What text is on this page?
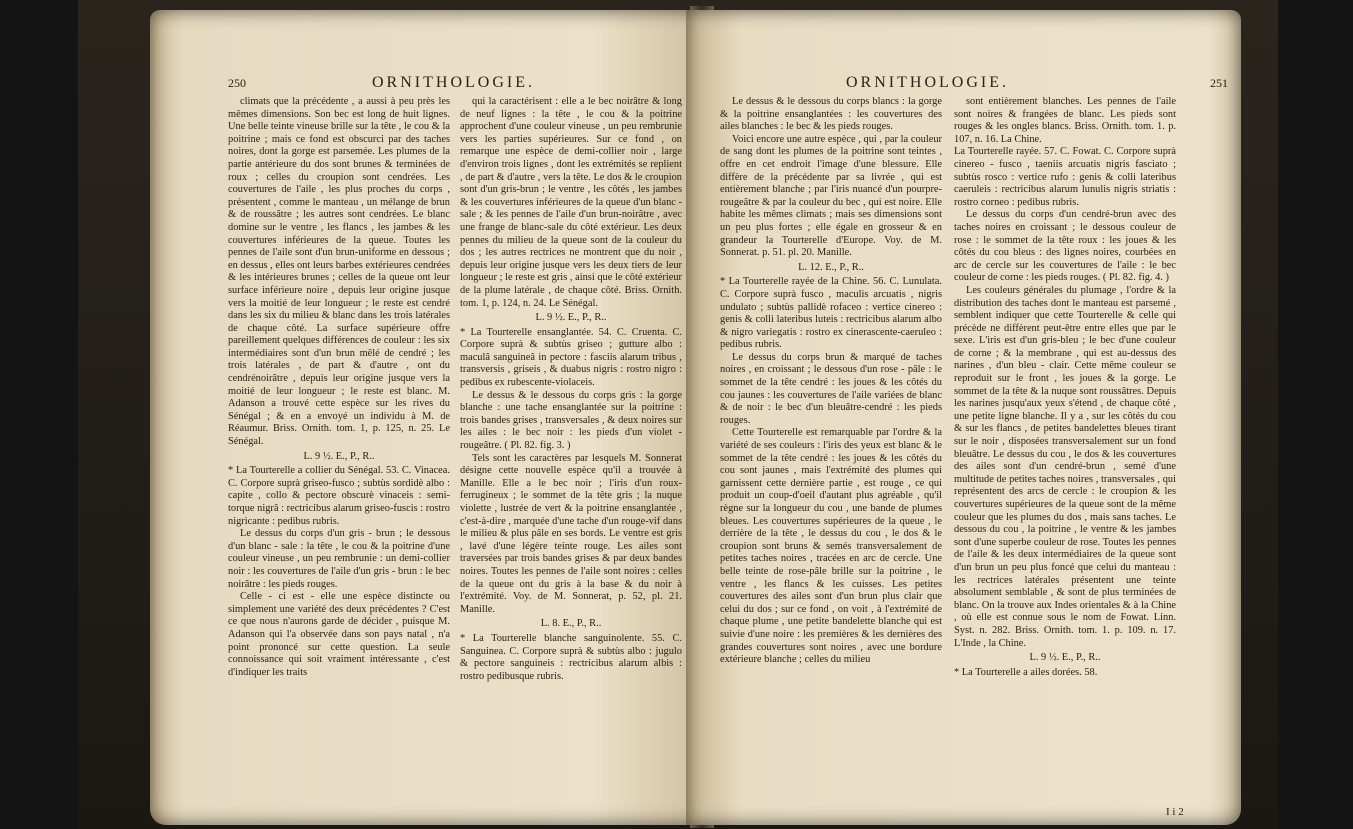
250	ORNITHOLOGIE.

climats que la précédente , a aussi à peu près les mêmes dimensions. Son bec est long de huit lignes. Une belle teinte vineuse brille sur la tête , le cou & la poitrine ; mais ce fond est obscurci par des taches noires, dont la gorge est parsemée. Les plumes de la partie antérieure du dos sont brunes & terminées de roux ; celles du croupion sont cendrées. Les couvertures de l'aile , les plus proches du corps , présentent , comme le manteau , un mélange de brun & de roussâtre ; les autres sont cendrées. Le blanc domine sur le ventre , les flancs , les jambes & les couvertures inférieures de la queue. Toutes les pennes de l'aile sont d'un brun-uniforme en dessous ; en dessus , elles ont leurs barbes extérieures cendrées & les intérieures brunes ; celles de la queue ont leur surface inférieure noire , depuis leur origine jusque vers la moitié de leur longueur ; le reste est cendré dans les six du milieu & blanc dans les trois latérales de chaque côté. La surface supérieure offre pareillement quelques différences de couleur : les six intermédiaires sont d'un brun mêlé de cendré ; les trois latérales , de part & d'autre , ont du cendrénoirâtre , depuis leur origine jusque vers la moitié de leur longueur ; le reste est blanc. M. Adanson a trouvé cette espèce sur les rives du Sénégal ; & en a envoyé un individu à M. de Réaumur. Briss. Ornith. tom. 1, p. 125, n. 25. Le Sénégal.

L. 9 ½. E., P., R..

* La Tourterelle a collier du Sénégal. 53. C. Vinacea. C. Corpore suprà griseo-fusco ; subtùs sordidè albo : capite , collo & pectore obscurè vinaceis : semi-torque nigrâ : rectricibus alarum griseo-fuscis : rostro nigricante : pedibus rubris.

Le dessus du corps d'un gris - brun ; le dessous d'un blanc - sale : la tête , le cou & la poitrine d'une couleur vineuse , un peu rembrunie : un demi-collier noir : les couvertures de l'aile d'un gris - brun : le bec noirâtre : les pieds rouges.

Celle - ci est - elle une espèce distincte ou simplement une variété des deux précédentes ? C'est ce que nous n'aurons garde de décider , puisque M. Adanson qui l'a observée dans son pays natal , n'a point prononcé sur cette question. La seule connoissance qui soit vraiment intéressante , c'est d'indiquer les traits

qui la caractérisent : elle a le bec noirâtre & long de neuf lignes : la tête , le cou & la poitrine approchent d'une couleur vineuse , un peu rembrunie vers les parties supérieures. Sur ce fond , on remarque une espèce de demi-collier noir , large d'environ trois lignes , dont les extrémités se replient , de part & d'autre , vers la tête. Le dos & le croupion sont d'un gris-brun ; le ventre , les côtés , les jambes & les couvertures inférieures de la queue d'un blanc - sale ; & les pennes de l'aile d'un brun-noirâtre , avec une frange de blanc-sale du côté extérieur. Les deux pennes du milieu de la queue sont de la couleur du dos ; les autres rectrices ne montrent que du noir , depuis leur origine jusque vers les deux tiers de leur longueur ; le reste est gris , ainsi que le côté extérieur de la plume latérale , de chaque côté. Briss. Ornith. tom. 1, p. 124, n. 24. Le Sénégal.

L. 9 ½. E., P., R..

* La Tourterelle ensanglantée. 54. C. Cruenta. C. Corpore suprà & subtùs griseo ; gutture albo : maculâ sanguineâ in pectore : fasciis alarum tribus , transversis , griseis , & duabus nigris : rostro nigro : pedibus ex rubescente-violaceis.

Le dessus & le dessous du corps gris : la gorge blanche : une tache ensanglantée sur la poitrine : trois bandes grises , transversales , & deux noires sur les ailes : le bec noir : les pieds d'un violet - rougeâtre. ( Pl. 82. fig. 3. )

Tels sont les caractères par lesquels M. Sonnerat désigne cette nouvelle espèce qu'il a trouvée à Manille. Elle a le bec noir ; l'iris d'un roux-ferrugineux ; le sommet de la tête gris ; la nuque violette , lustrée de vert & la poitrine ensanglantée , c'est-à-dire , marquée d'une tache d'un rouge-vif dans le milieu & plus pâle en ses bords. Le ventre est gris , lavé d'une légère teinte rouge. Les ailes sont traversées par trois bandes grises & par deux bandes noires. Toutes les pennes de l'aile sont noires : celles de la queue ont du gris à la base & du noir à l'extrémité. Voy. de M. Sonnerat, p. 52, pl. 21. Manille.

L. 8. E., P., R..

* La Tourterelle blanche sanguinolente. 55. C. Sanguinea. C. Corpore suprà & subtùs albo : jugulo & pectore sanguineis : rectricibus alarum albis : rostro pedibusque rubris.

ORNITHOLOGIE.	251

Le dessus & le dessous du corps blancs : la gorge & la poitrine ensanglantées : les couvertures des ailes blanches : le bec & les pieds rouges.

Voici encore une autre espèce , qui , par la couleur de sang dont les plumes de la poitrine sont teintes , offre en cet endroit l'image d'une blessure. Elle diffère de la précédente par sa livrée , qui est entièrement blanche ; par l'iris nuancé d'un pourpre-rougeâtre & par la couleur du bec , qui est noire. Elle habite les mêmes climats ; mais ses dimensions sont un peu plus fortes ; elle égale en grosseur & en grandeur la Tourterelle d'Europe. Voy. de M. Sonnerat. p. 51. pl. 20. Manille.

L. 12. E., P., R..

* La Tourterelle rayée de la Chine. 56. C. Lunulata. C. Corpore suprà fusco , maculis arcuatis , nigris undulato ; subtùs pallidè rofaceo : vertice cinereo : genis & colli lateribus luteis : rectricibus alarum albo & nigro variegatis : rostro ex cinerascente-caeruleo : pedibus rubris.

Le dessus du corps brun & marqué de taches noires , en croissant ; le dessous d'un rose - pâle : le sommet de la tête cendré : les joues & les côtés du cou jaunes : les couvertures de l'aile variées de blanc & de noir : le bec d'un bleuâtre-cendré : les pieds rouges.

Cette Tourterelle est remarquable par l'ordre & la variété de ses couleurs : l'iris des yeux est blanc & le sommet de la tête cendré : les joues & les côtés du cou sont jaunes , mais l'extrémité des plumes qui garnissent cette dernière partie , est rouge , ce qui produit un coup-d'oeil d'autant plus agréable , qu'il règne sur la longueur du cou , une bande de plumes bleues. Les couvertures supérieures de la queue , le derrière de la tête , le dessus du cou , le dos & le croupion sont bruns & semés transversalement de petites taches noires , tracées en arc de cercle. Une belle teinte de rose-pâle brille sur la poitrine , le ventre , les flancs & les cuisses. Les petites couvertures des ailes sont d'un brun plus clair que celui du dos ; sur ce fond , on voit , à l'extrémité de chaque plume , une petite bandelette blanche qui est suivie d'une noire : les premières & les dernières des grandes couvertures sont noires , avec une bordure extérieure blanche ; celles du milieu

sont entièrement blanches. Les pennes de l'aile sont noires & frangées de blanc. Les pieds sont rouges & les ongles blancs. Briss. Ornith. tom. 1. p. 107, n. 16. La Chine.

La Tourterelle rayée. 57. C. Fowat. C. Corpore suprà cinereo - fusco , taeniis arcuatis nigris fasciato ; subtùs rosco : vertice rufo : genis & colli lateribus caeruleis : rectricibus alarum lunulis nigris striatis : rostro corneo : pedibus rubris.

Le dessus du corps d'un cendré-brun avec des taches noires en croissant ; le dessous couleur de rose : le sommet de la tête roux : les joues & les côtés du cou bleus : des lignes noires, courbées en arc de cercle sur les couvertures de l'aile : le bec couleur de corne : les pieds rouges. ( Pl. 82. fig. 4. )

Les couleurs générales du plumage , l'ordre & la distribution des taches dont le manteau est parsemé , semblent indiquer que cette Tourterelle & celle qui précède ne diffèrent peut-être entre elles que par le sexe. L'iris est d'un gris-bleu ; le bec d'une couleur de corne ; & la membrane , qui est au-dessus des narines , d'un bleu - clair. Cette même couleur se reproduit sur le front , les joues & la gorge. Le sommet de la tête & la nuque sont roussâtres. Depuis les narines jusqu'aux yeux s'étend , de chaque côté , une petite ligne blanche. Il y a , sur les côtés du cou & sur les flancs , de petites bandelettes bleues tirant sur le noir , disposées transversalement sur un fond bleuâtre. Le dessus du cou , le dos & les couvertures des ailes sont d'un cendré-brun , semé d'une multitude de petites taches noires , transversales , qui représentent des arcs de cercle : le croupion & les couvertures supérieures de la queue sont de la même couleur que les plumes du dos , mais sans taches. Le dessous du cou , la poitrine , le ventre & les jambes sont d'une superbe couleur de rose. Toutes les pennes de l'aile & les deux intermédiaires de la queue sont d'un brun un peu plus foncé que celui du manteau : les rectrices latérales présentent une teinte absolument semblable , & sont de plus terminées de blanc. On la trouve aux Indes orientales & à la Chine , où elle est connue sous le nom de Fowat. Linn. Syst. n. 282. Briss. Ornith. tom. 1. p. 109. n. 17. L'Inde , la Chine.

L. 9 ½. E., P., R..

* La Tourterelle a ailes dorées. 58.

I i 2
